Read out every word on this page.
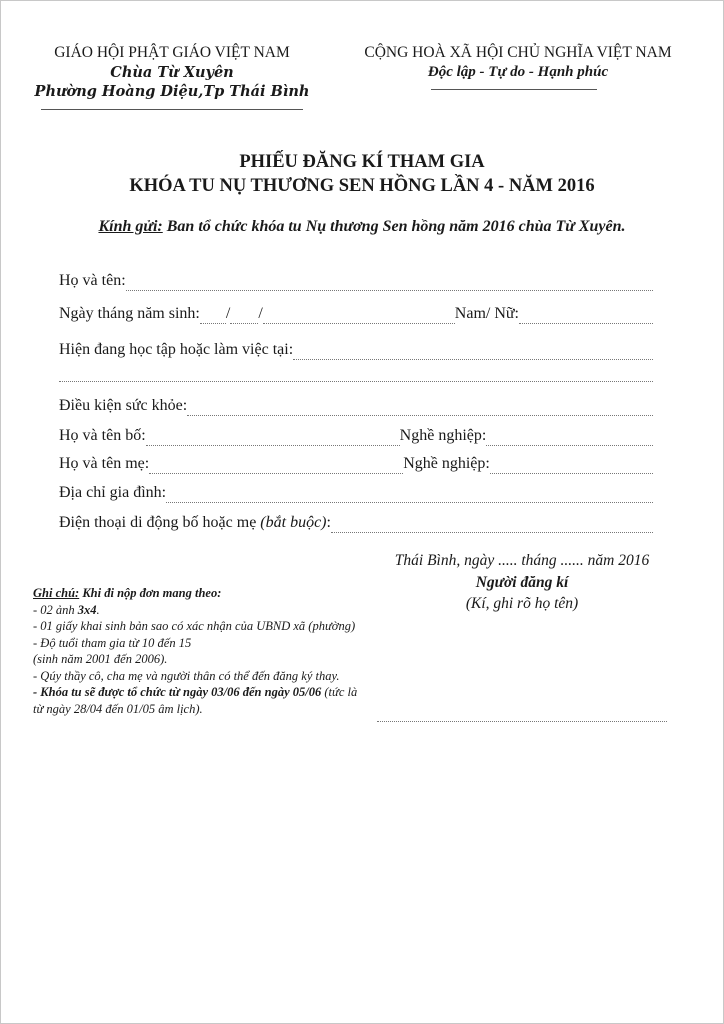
GIÁO HỘI PHẬT GIÁO VIỆT NAM
Chùa Từ Xuyên
Phường Hoàng Diệu,Tp Thái Bình
CỘNG HOÀ XÃ HỘI CHỦ NGHĨA VIỆT NAM
Độc lập - Tự do - Hạnh phúc
PHIẾU ĐĂNG KÍ THAM GIA
KHÓA TU NỤ THƯƠNG SEN HỒNG LẦN 4 - NĂM 2016
Kính gửi: Ban tổ chức khóa tu Nụ thương Sen hồng năm 2016 chùa Từ Xuyên.
Họ và tên:
Ngày tháng năm sinh: / /	Nam/ Nữ:
Hiện đang học tập hoặc làm việc tại:
Điều kiện sức khỏe:
Họ và tên bố:	Nghề nghiệp:
Họ và tên mẹ:	Nghề nghiệp:
Địa chỉ gia đình:
Điện thoại di động bố hoặc mẹ (bắt buộc):

Ghi chú: Khi đi nộp đơn mang theo:

- 02 ảnh 3x4.

- 01 giấy khai sinh bản sao có xác nhận của UBND xã (phường)

- Độ tuổi tham gia từ 10 đến 15

(sinh năm 2001 đến 2006).

- Qúy thầy cô, cha mẹ và người thân có thể đến đăng ký thay.

- Khóa tu sẽ được tổ chức từ ngày 03/06 đến ngày 05/06 (tức là từ ngày 28/04 đến 01/05 âm lịch).

Thái Bình, ngày ..... tháng ...... năm 2016
Người đăng kí
(Kí, ghi rõ họ tên)
